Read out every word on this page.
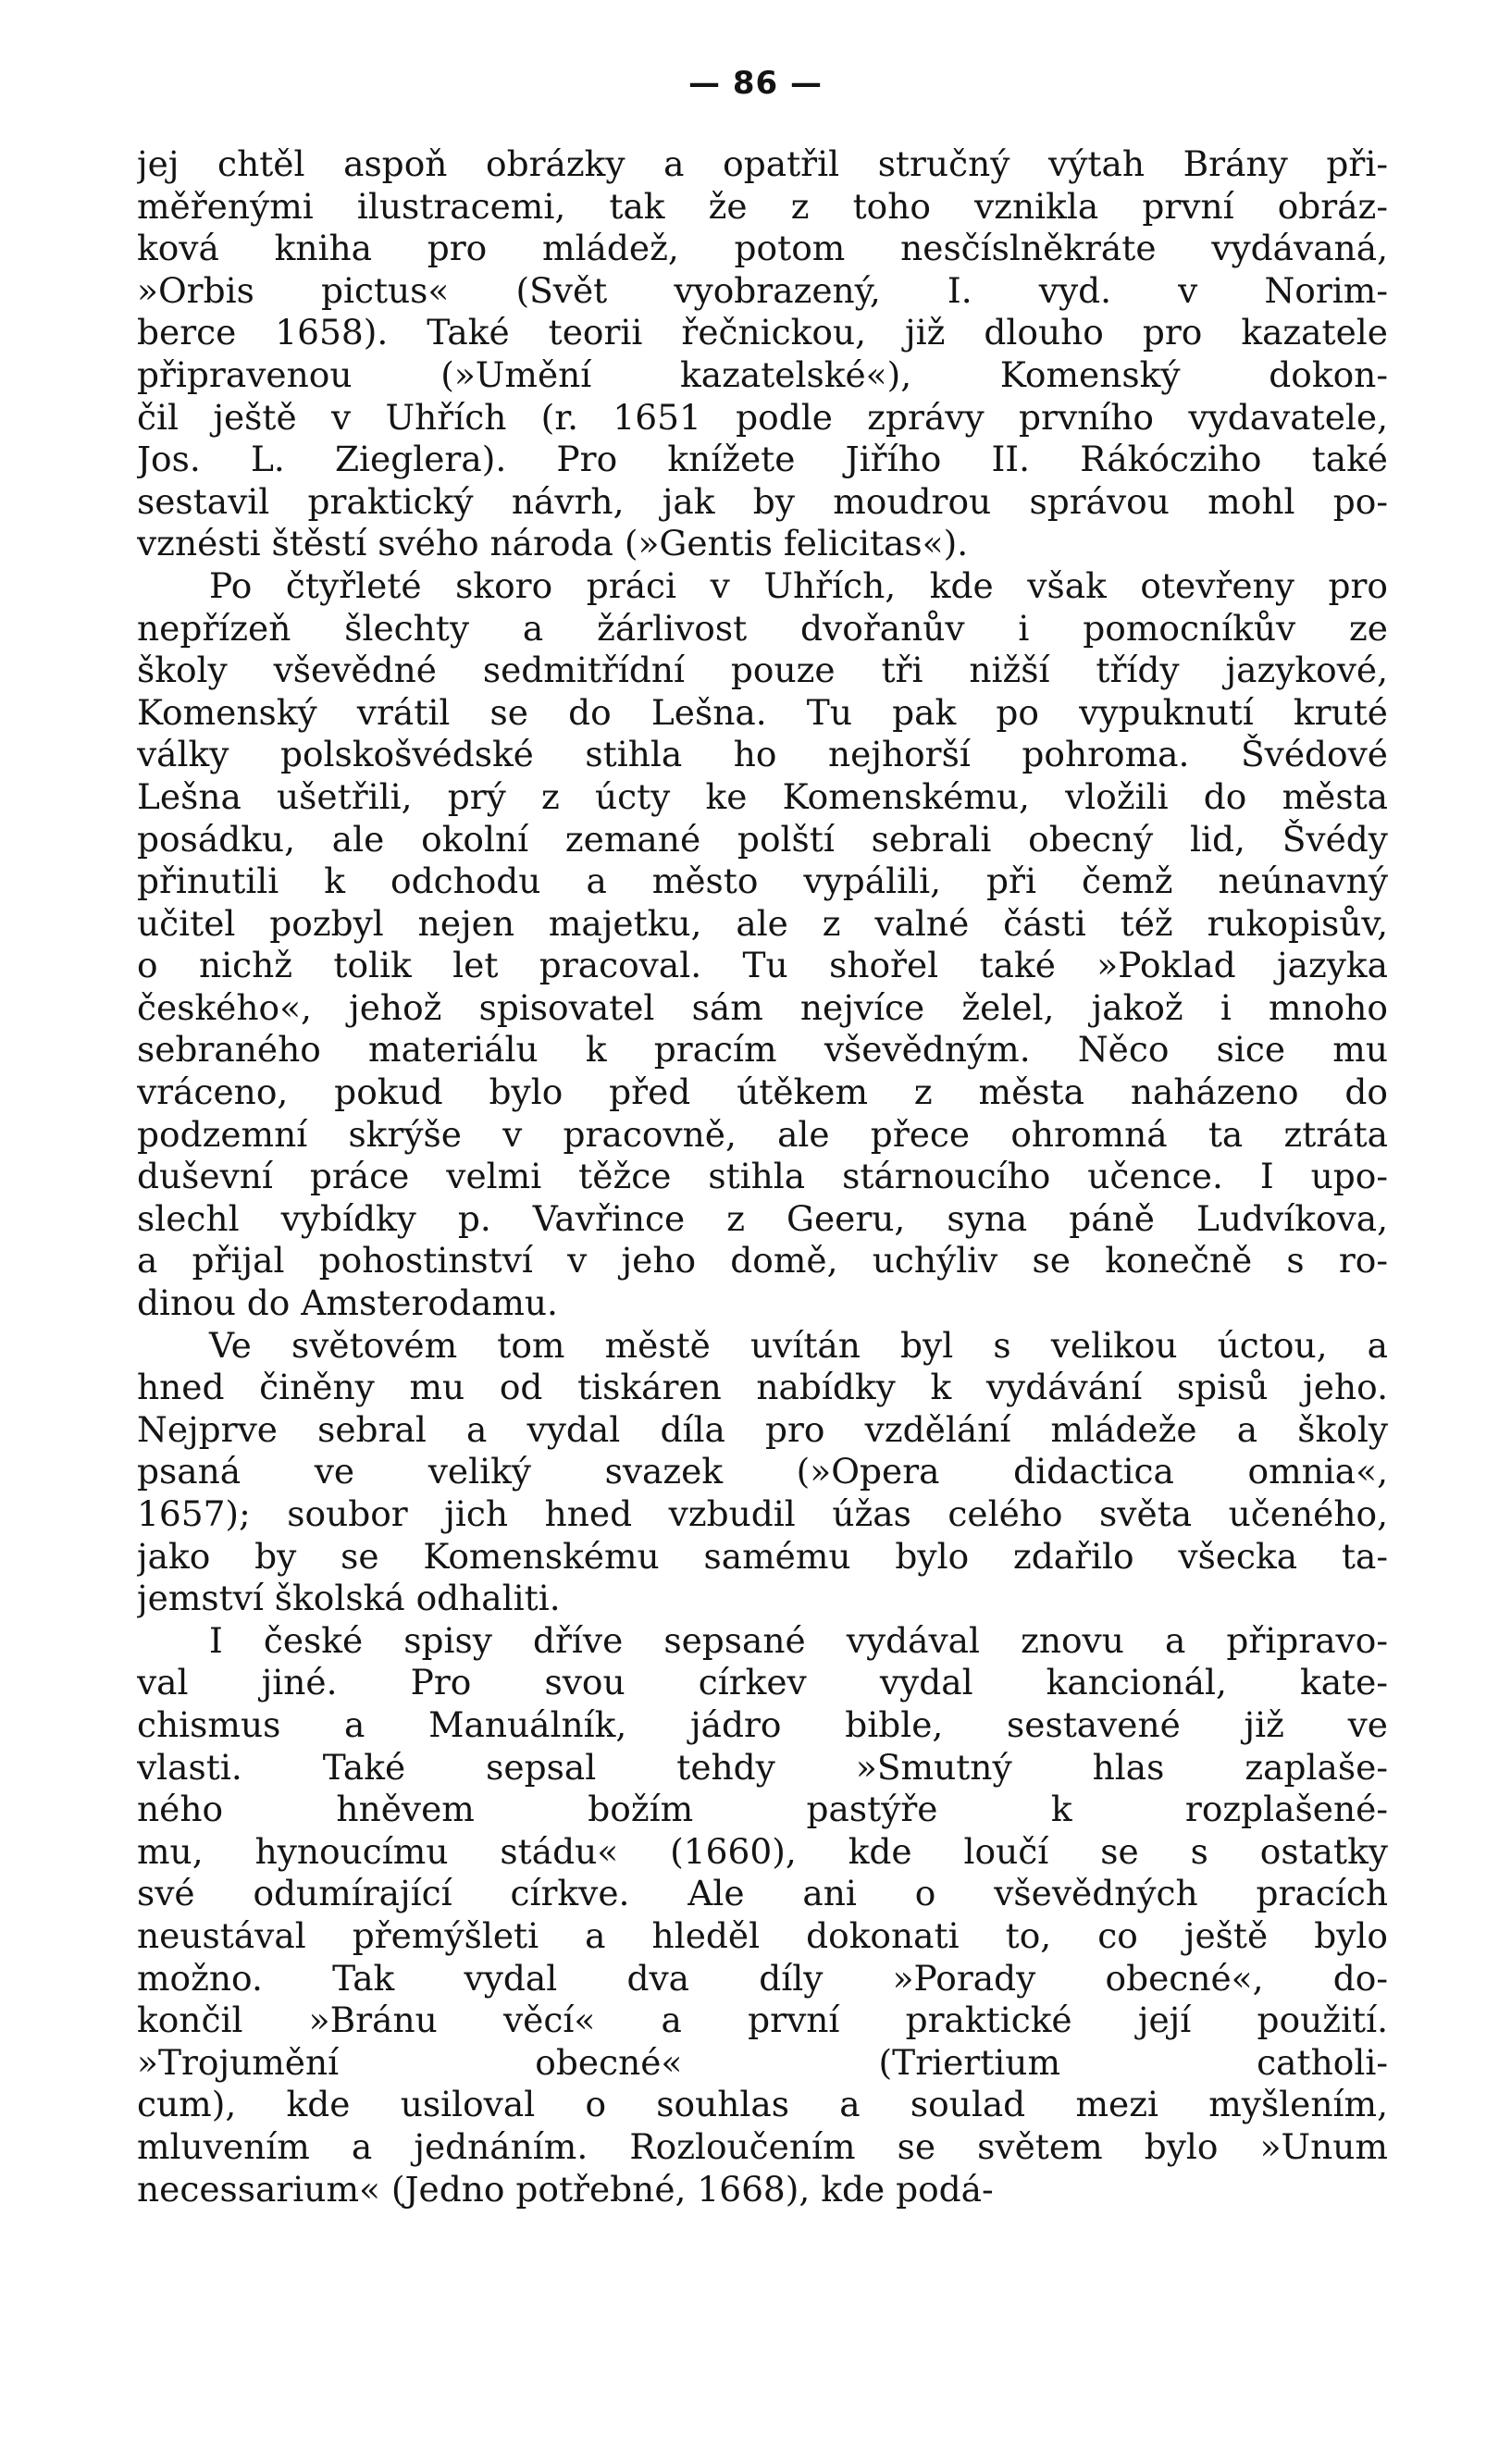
— 86 —
jej chtěl aspoň obrázky a opatřil stručný výtah Brány při-
měřenými ilustracemi, tak že z toho vznikla první obráz-
ková kniha pro mládež, potom nesčíslněkráte vydávaná,
»Orbis pictus« (Svět vyobrazený, I. vyd. v Norim-
berce 1658). Také teorii řečnickou, již dlouho pro kazatele
připravenou (»Umění kazatelské«), Komenský dokon-
čil ještě v Uhřích (r. 1651 podle zprávy prvního vydavatele,
Jos. L. Zieglera). Pro knížete Jiřího II. Rákócziho také
sestavil praktický návrh, jak by moudrou správou mohl po-
vznésti štěstí svého národa (»Gentis felicitas«).
Po čtyřleté skoro práci v Uhřích, kde však otevřeny pro
nepřízeň šlechty a žárlivost dvořanův i pomocníkův ze
školy vševědné sedmitřídní pouze tři nižší třídy jazykové,
Komenský vrátil se do Lešna. Tu pak po vypuknutí kruté
války polskošvédské stihla ho nejhorší pohroma. Švédové
Lešna ušetřili, prý z úcty ke Komenskému, vložili do města
posádku, ale okolní zemané polští sebrali obecný lid, Švédy
přinutili k odchodu a město vypálili, při čemž neúnavný
učitel pozbyl nejen majetku, ale z valné části též rukopisův,
o nichž tolik let pracoval. Tu shořel také »Poklad jazyka
českého«, jehož spisovatel sám nejvíce želel, jakož i mnoho
sebraného materiálu k pracím vševědným. Něco sice mu
vráceno, pokud bylo před útěkem z města naházeno do
podzemní skrýše v pracovně, ale přece ohromná ta ztráta
duševní práce velmi těžce stihla stárnoucího učence. I upo-
slechl vybídky p. Vavřince z Geeru, syna páně Ludvíkova,
a přijal pohostinství v jeho domě, uchýliv se konečně s ro-
dinou do Amsterodamu.
Ve světovém tom městě uvítán byl s velikou úctou, a
hned činěny mu od tiskáren nabídky k vydávání spisů jeho.
Nejprve sebral a vydal díla pro vzdělání mládeže a školy
psaná ve veliký svazek (»Opera didactica omnia«,
1657); soubor jich hned vzbudil úžas celého světa učeného,
jako by se Komenskému samému bylo zdařilo všecka ta-
jemství školská odhaliti.
I české spisy dříve sepsané vydával znovu a připravo-
val jiné. Pro svou církev vydal kancionál, kate-
chismus a Manuálník, jádro bible, sestavené již ve
vlasti. Také sepsal tehdy »Smutný hlas zaplaše-
ného hněvem božím pastýře k rozplašené-
mu, hynoucímu stádu« (1660), kde loučí se s ostatky
své odumírající církve. Ale ani o vševědných pracích
neustával přemýšleti a hleděl dokonati to, co ještě bylo
možno. Tak vydal dva díly »Porady obecné«, do-
končil »Bránu věcí« a první praktické její použití.
»Trojumění obecné« (Triertium catholi-
cum), kde usiloval o souhlas a soulad mezi myšlením,
mluvením a jednáním. Rozloučením se světem bylo »Unum
necessarium« (Jedno potřebné, 1668), kde podá-
